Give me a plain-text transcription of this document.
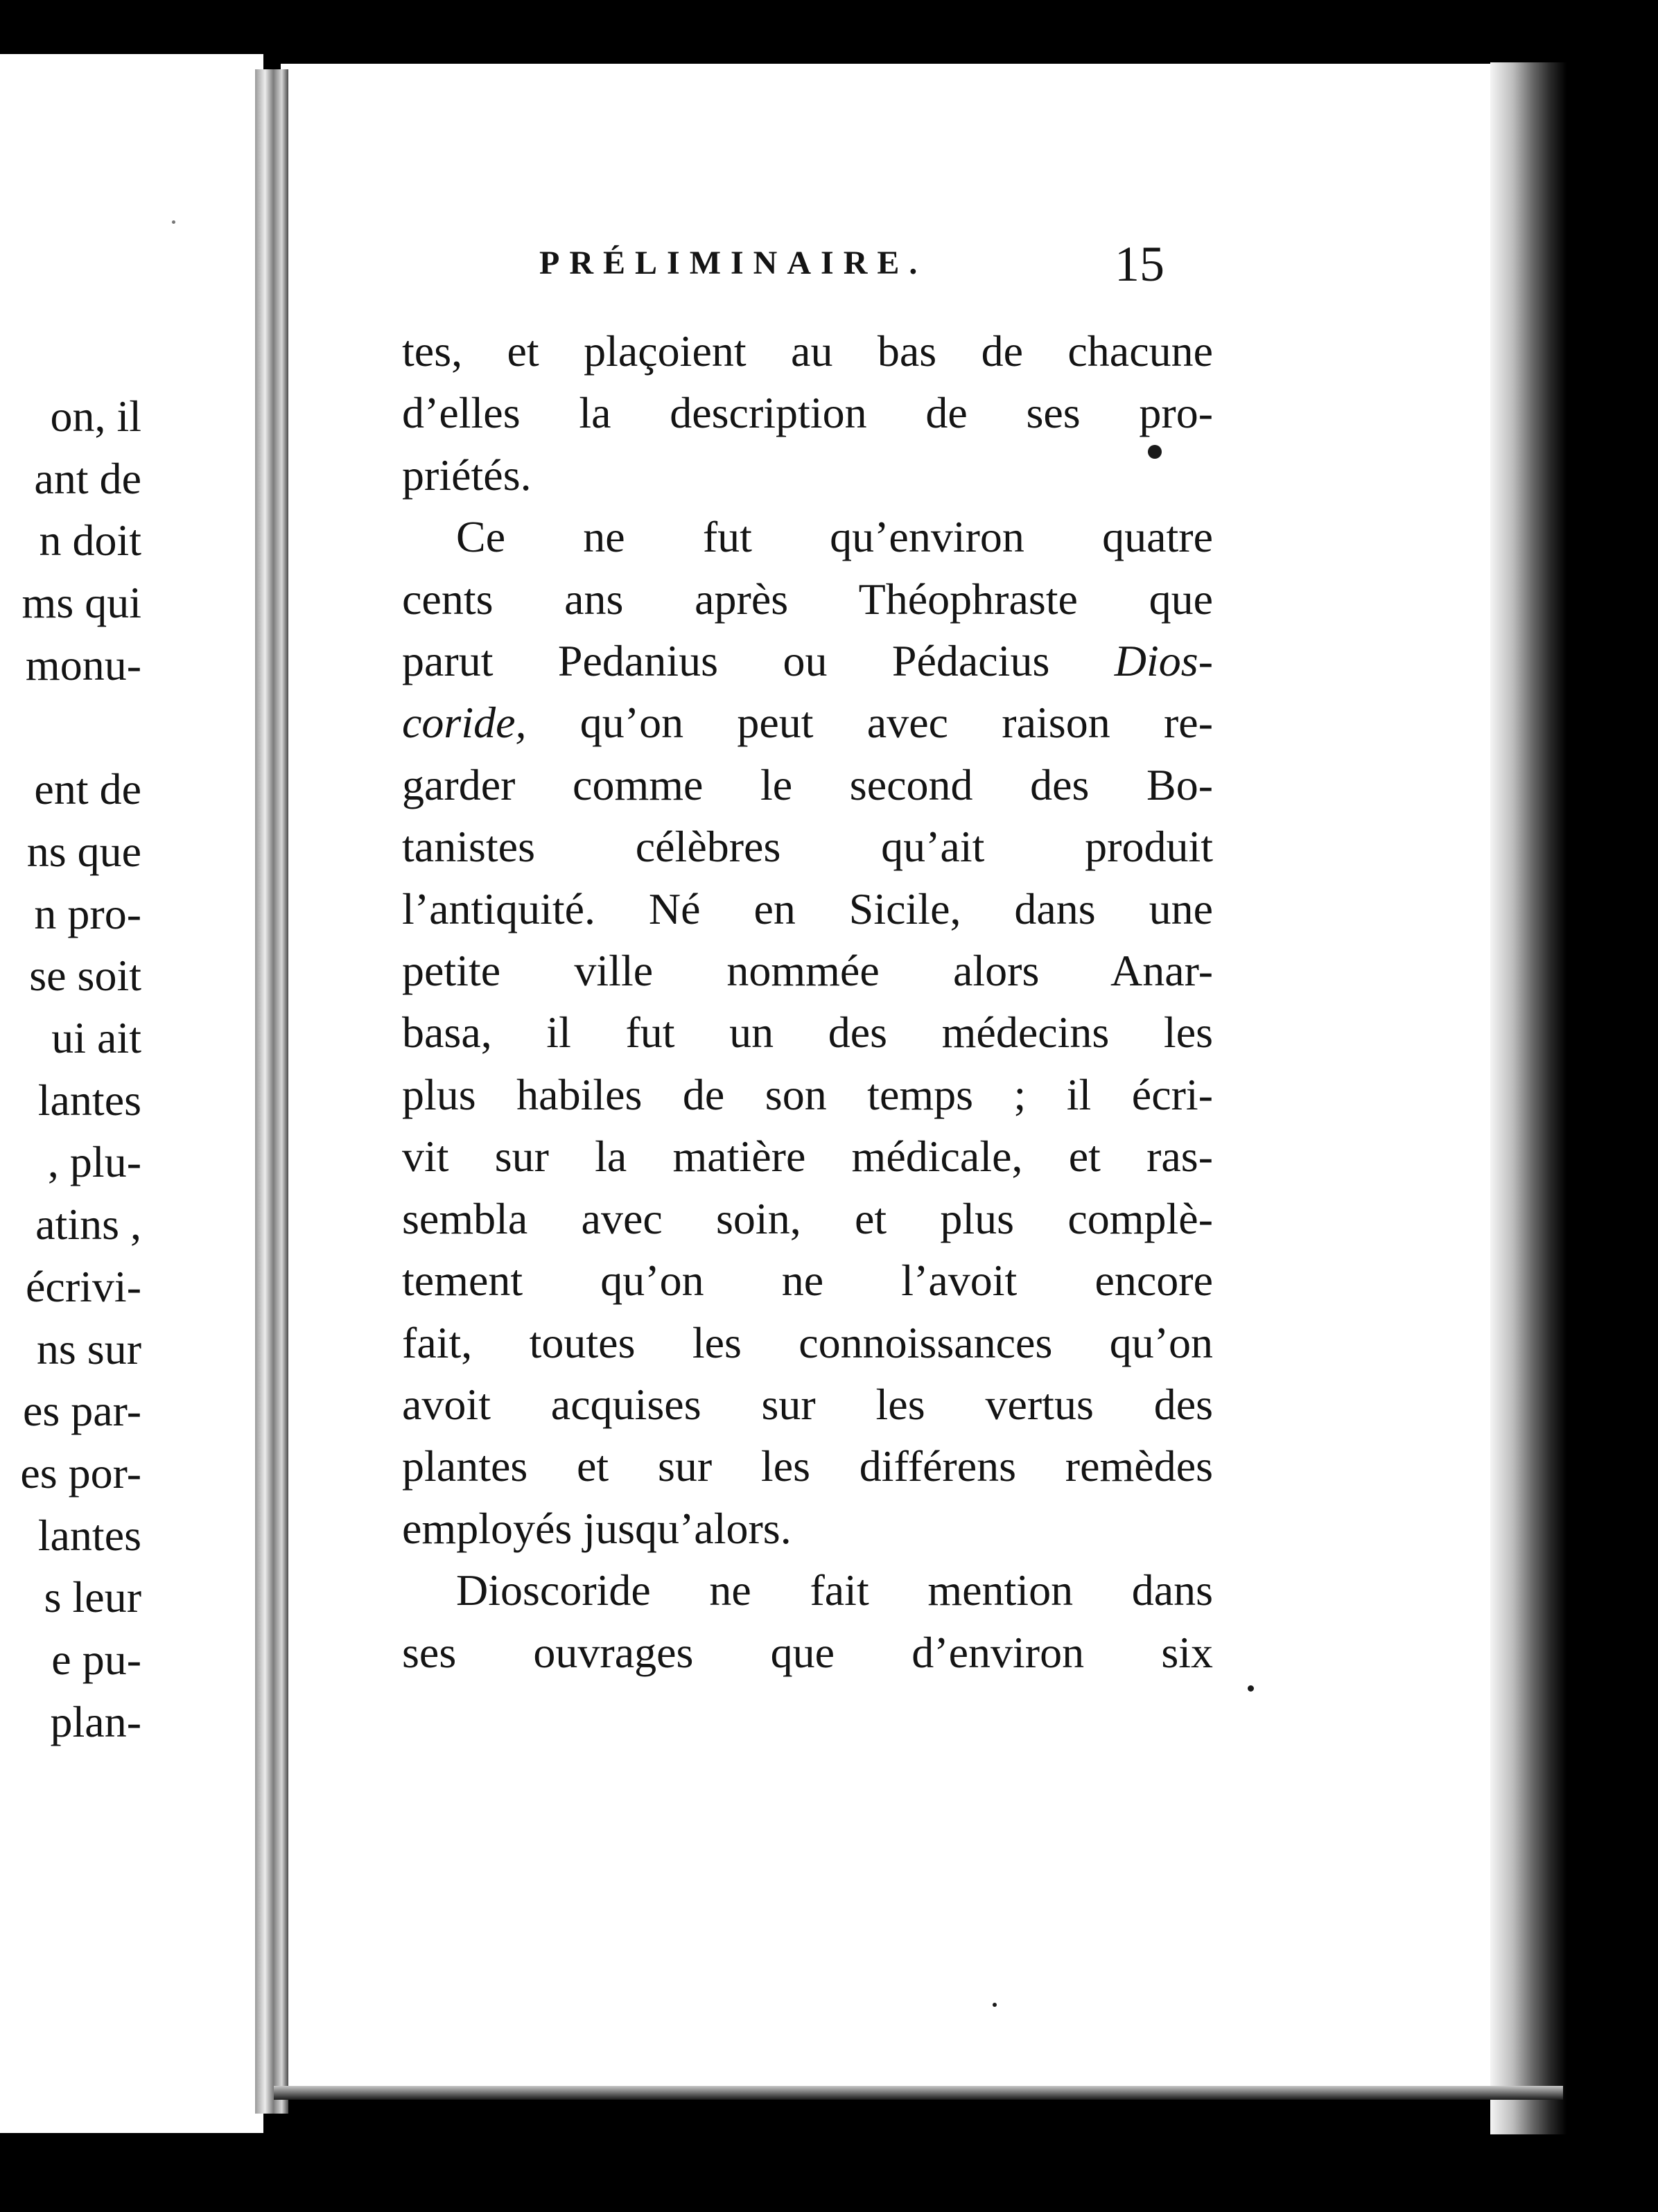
on, il
ant de
n doit
ms qui
monu-
ent de
ns que
n pro-
se soit
ui ait
lantes
, plu-
atins ,
écrivi-
ns sur
es par-
es por-
lantes
s leur
e pu-
plan-
PRÉLIMINAIRE.	15
tes, et plaçoient au bas de chacune
d’elles la description de ses pro-
priétés.
Ce ne fut qu’environ quatre
cents ans après Théophraste que
parut Pedanius ou Pédacius Dios-
coride, qu’on peut avec raison re-
garder comme le second des Bo-
tanistes célèbres qu’ait produit
l’antiquité. Né en Sicile, dans une
petite ville nommée alors Anar-
basa, il fut un des médecins les
plus habiles de son temps ; il écri-
vit sur la matière médicale, et ras-
sembla avec soin, et plus complè-
tement qu’on ne l’avoit encore
fait, toutes les connoissances qu’on
avoit acquises sur les vertus des
plantes et sur les différens remèdes
employés jusqu’alors.
Dioscoride ne fait mention dans
ses ouvrages que d’environ six
